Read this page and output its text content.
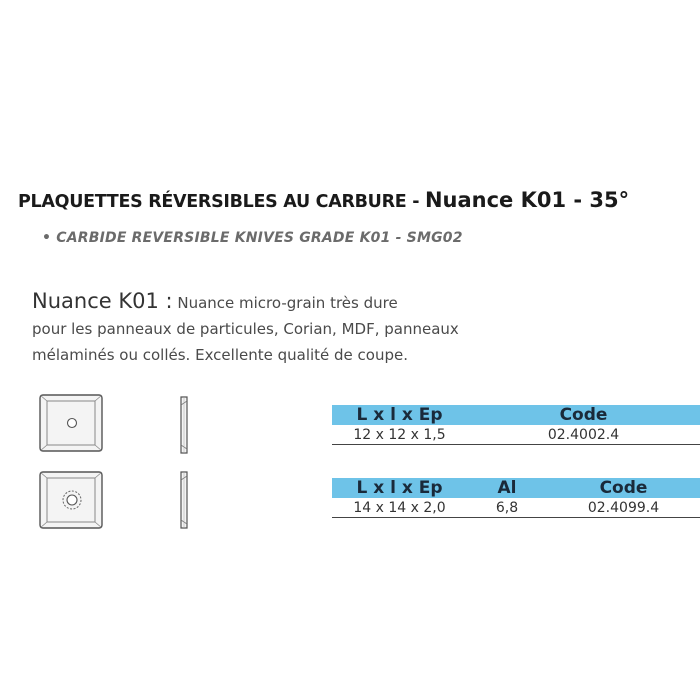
PLAQUETTES RÉVERSIBLES AU CARBURE - Nuance K01 - 35°
• CARBIDE REVERSIBLE KNIVES GRADE K01 - SMG02
Nuance K01 : Nuance micro-grain très dure
pour les panneaux de particules, Corian, MDF, panneaux
mélaminés ou collés. Excellente qualité de coupe.
L x l x Ep	Code
12 x 12 x 1,5	02.4002.4
L x l x Ep	Al	Code
14 x 14 x 2,0	6,8	02.4099.4
